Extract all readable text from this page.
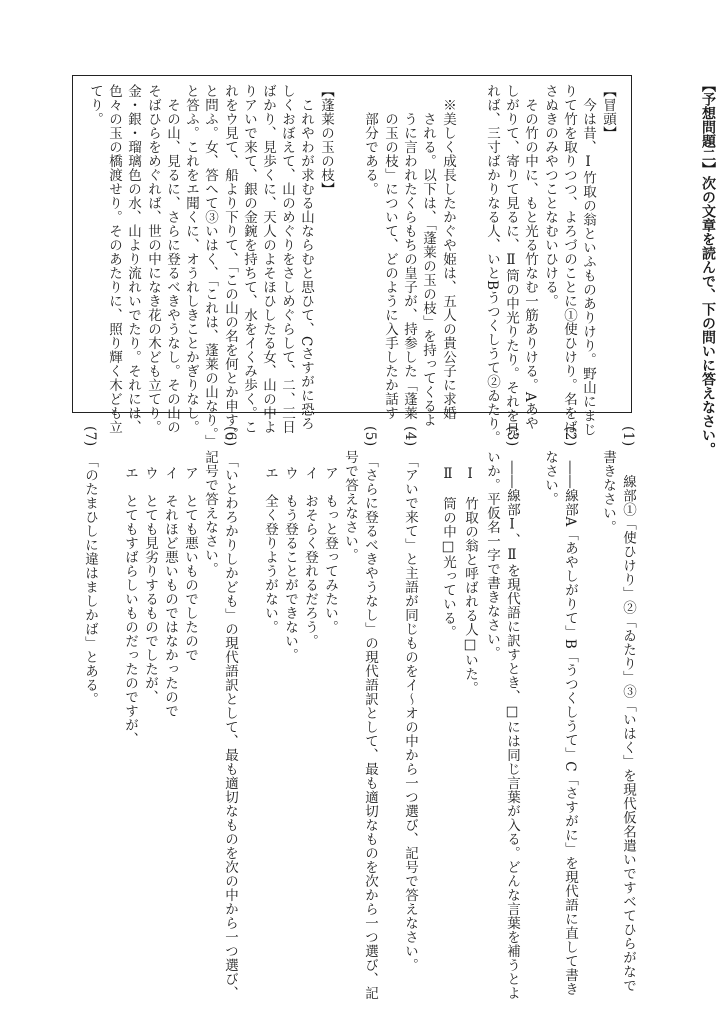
【予想問題二】次の文章を読んで、下の問いに答えなさい。
【冒頭】
今は昔、Ⅰ竹取の翁といふものありけり。野山にまじ
りて竹を取りつつ、よろづのことに①使ひけり。名をば、
さぬきのみやつことなむいひける。
その竹の中に、もと光る竹なむ一筋ありける。Aあや
しがりて、寄りて見るに、Ⅱ筒の中光りたり。それを見
れば、三寸ばかりなる人、いとBうつくしうて②ゐたり。
※美しく成長したかぐや姫は、五人の貴公子に求婚
される。以下は、「蓬莱の玉の枝」を持ってくるよ
うに言われたくらもちの皇子が、持参した「蓬莱
の玉の枝」について、どのように入手したか話す
部分である。
【蓬莱の玉の枝】
これやわが求むる山ならむと思ひて、Cさすがに恐ろ
しくおぼえて、山のめぐりをさしめぐらして、二、三日
ばかり、見歩くに、天人のよそほひしたる女、山の中よ
りアいで来て、銀の金鋺を持ちて、水をイくみ歩く。こ
れをウ見て、船より下りて、「この山の名を何とか申す。」
と問ふ。女、答へて③いはく、「これは、蓬莱の山なり。」
と答ふ。これをエ聞くに、オうれしきことかぎりなし。
その山、見るに、さらに登るべきやうなし。その山の
そばひらをめぐれば、世の中になき花の木ども立てり。
金・銀・瑠璃色の水、山より流れいでたり。それには、
色々の玉の橋渡せり。そのあたりに、照り輝く木ども立
てり。
(1)　　線部①「使ひけり」②「ゐたり」③「いはく」を現代仮名遣いですべてひらがなで
書きなさい。
(2)　――線部A「あやしがりて」B「うつくしうて」C「さすがに」を現代語に直して書き
なさい。
(3)　――線部Ⅰ、Ⅱを現代語に訳すとき、□には同じ言葉が入る。どんな言葉を補うとよ
いか。平仮名一字で書きなさい。
Ⅰ　竹取の翁と呼ばれる人□いた。
Ⅱ　筒の中□光っている。
(4)　「アいで来て」と主語が同じものをイ～オの中から一つ選び、記号で答えなさい。
(5)　「さらに登るべきやうなし」の現代語訳として、最も適切なものを次から一つ選び、記
号で答えなさい。
ア　もっと登ってみたい。
イ　おそらく登れるだろう。
ウ　もう登ることができない。
エ　全く登りようがない。
(6)　「いとわろかりしかども」の現代語訳として、最も適切なものを次の中から一つ選び、
記号で答えなさい。
ア　とても悪いものでしたので
イ　それほど悪いものではなかったので
ウ　とても見劣りするものでしたが、
エ　とてもすばらしいものだったのですが、
(7)　「のたまひしに違はましかば」とある。
